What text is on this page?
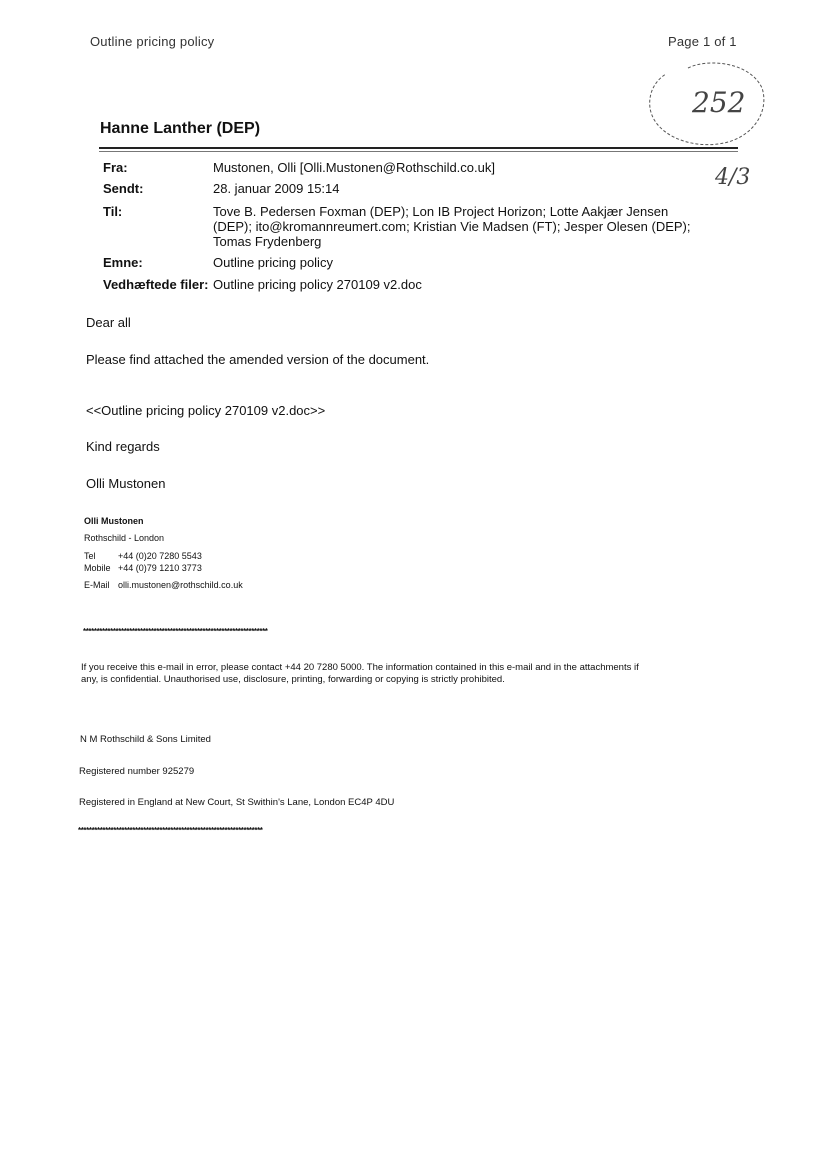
Outline pricing policy	Page 1 of 1
252
4/3
Hanne Lanther (DEP)
Fra:	Mustonen, Olli [Olli.Mustonen@Rothschild.co.uk]
Sendt:	28. januar 2009 15:14
Til:	Tove B. Pedersen Foxman (DEP); Lon IB Project Horizon; Lotte Aakjær Jensen
(DEP); ito@kromannreumert.com; Kristian Vie Madsen (FT); Jesper Olesen (DEP);
Tomas Frydenberg
Emne:	Outline pricing policy
Vedhæftede filer: Outline pricing policy 270109 v2.doc
Dear all
Please find attached the amended version of the document.
<<Outline pricing policy 270109 v2.doc>>
Kind regards
Olli Mustonen
Olli Mustonen
Rothschild - London
Tel +44 (0)20 7280 5543
Mobile +44 (0)79 1210 3773
E-Mail olli.mustonen@rothschild.co.uk
********************************************************************
If you receive this e-mail in error, please contact +44 20 7280 5000. The information contained in this e-mail and in the attachments if
any, is confidential. Unauthorised use, disclosure, printing, forwarding or copying is strictly prohibited.
N M Rothschild & Sons Limited
Registered number 925279
Registered in England at New Court, St Swithin's Lane, London EC4P 4DU
********************************************************************
